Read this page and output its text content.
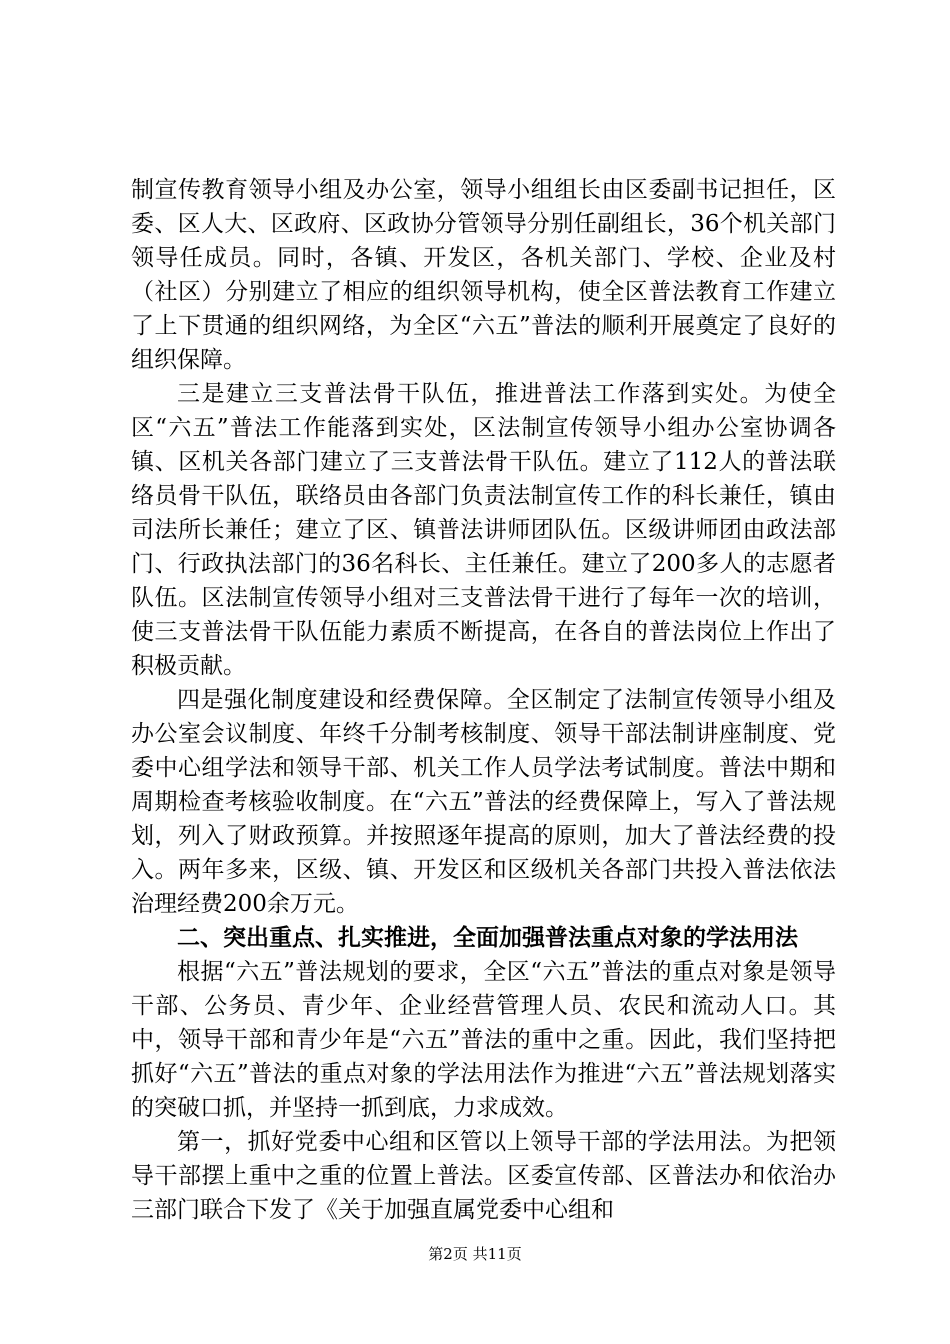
制宣传教育领导小组及办公室，领导小组组长由区委副书记担任，区委、区人大、区政府、区政协分管领导分别任副组长，36个机关部门领导任成员。同时，各镇、开发区，各机关部门、学校、企业及村（社区）分别建立了相应的组织领导机构，使全区普法教育工作建立了上下贯通的组织网络，为全区“六五”普法的顺利开展奠定了良好的组织保障。

三是建立三支普法骨干队伍，推进普法工作落到实处。为使全区“六五”普法工作能落到实处，区法制宣传领导小组办公室协调各镇、区机关各部门建立了三支普法骨干队伍。建立了112人的普法联络员骨干队伍，联络员由各部门负责法制宣传工作的科长兼任，镇由司法所长兼任；建立了区、镇普法讲师团队伍。区级讲师团由政法部门、行政执法部门的36名科长、主任兼任。建立了200多人的志愿者队伍。区法制宣传领导小组对三支普法骨干进行了每年一次的培训，使三支普法骨干队伍能力素质不断提高，在各自的普法岗位上作出了积极贡献。

四是强化制度建设和经费保障。全区制定了法制宣传领导小组及办公室会议制度、年终千分制考核制度、领导干部法制讲座制度、党委中心组学法和领导干部、机关工作人员学法考试制度。普法中期和周期检查考核验收制度。在“六五”普法的经费保障上，写入了普法规划，列入了财政预算。并按照逐年提高的原则，加大了普法经费的投入。两年多来，区级、镇、开发区和区级机关各部门共投入普法依法治理经费200余万元。

二、突出重点、扎实推进，全面加强普法重点对象的学法用法

根据“六五”普法规划的要求，全区“六五”普法的重点对象是领导干部、公务员、青少年、企业经营管理人员、农民和流动人口。其中，领导干部和青少年是“六五”普法的重中之重。因此，我们坚持把抓好“六五”普法的重点对象的学法用法作为推进“六五”普法规划落实的突破口抓，并坚持一抓到底，力求成效。

第一，抓好党委中心组和区管以上领导干部的学法用法。为把领导干部摆上重中之重的位置上普法。区委宣传部、区普法办和依治办三部门联合下发了《关于加强直属党委中心组和

第2页 共11页
